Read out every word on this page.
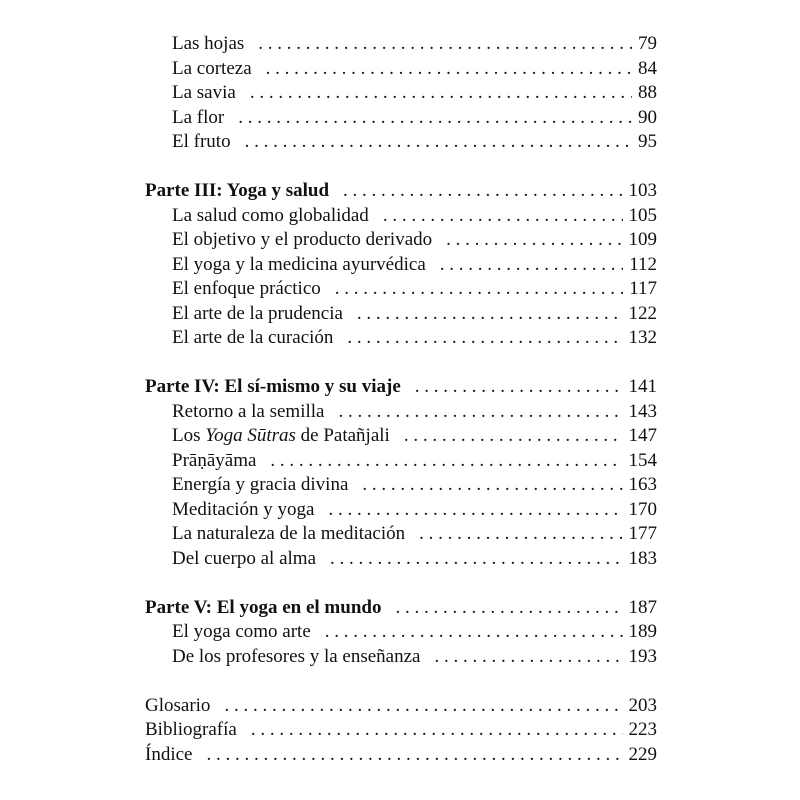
Las hojas . . .	79
La corteza . . .	84
La savia . . .	88
La flor . . .	90
El fruto . . .	95
Parte III: Yoga y salud . . .	103
La salud como globalidad . . .	105
El objetivo y el producto derivado . . .	109
El yoga y la medicina ayurvédica . . .	112
El enfoque práctico . . .	117
El arte de la prudencia . . .	122
El arte de la curación . . .	132
Parte IV: El sí-mismo y su viaje . . .	141
Retorno a la semilla . . .	143
Los Yoga Sūtras de Patañjali . . .	147
Prāṇāyāma . . .	154
Energía y gracia divina . . .	163
Meditación y yoga . . .	170
La naturaleza de la meditación . . .	177
Del cuerpo al alma . . .	183
Parte V: El yoga en el mundo . . .	187
El yoga como arte . . .	189
De los profesores y la enseñanza . . .	193
Glosario . . .	203
Bibliografía . . .	223
Índice . . .	229
